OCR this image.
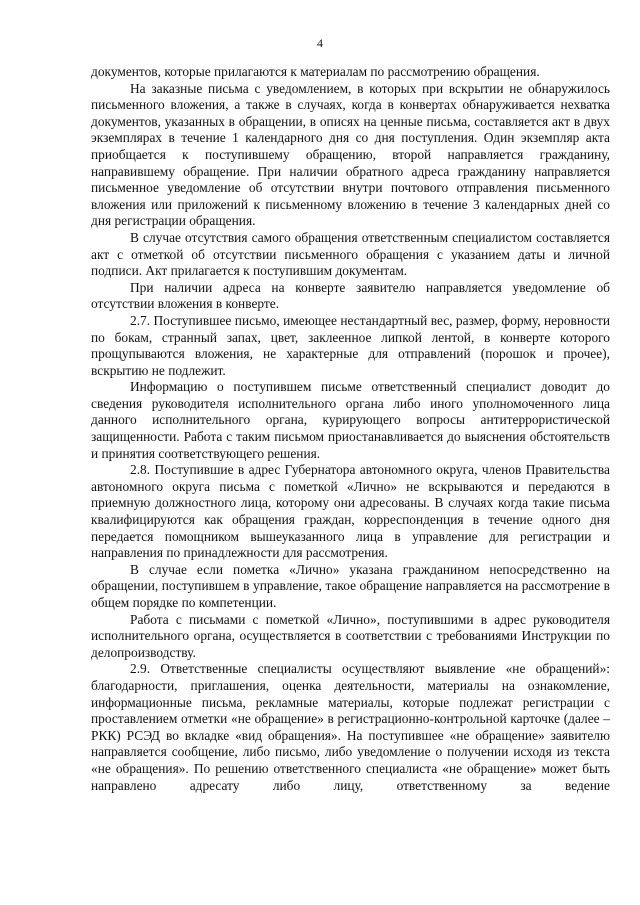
4

документов, которые прилагаются к материалам по рассмотрению обращения.

На заказные письма с уведомлением, в которых при вскрытии не обнаружилось письменного вложения, а также в случаях, когда в конвертах обнаруживается нехватка документов, указанных в обращении, в описях на ценные письма, составляется акт в двух экземплярах в течение 1 календарного дня со дня поступления. Один экземпляр акта приобщается к поступившему обращению, второй направляется гражданину, направившему обращение. При наличии обратного адреса гражданину направляется письменное уведомление об отсутствии внутри почтового отправления письменного вложения или приложений к письменному вложению в течение 3 календарных дней со дня регистрации обращения.

В случае отсутствия самого обращения ответственным специалистом составляется акт с отметкой об отсутствии письменного обращения с указанием даты и личной подписи. Акт прилагается к поступившим документам.

При наличии адреса на конверте заявителю направляется уведомление об отсутствии вложения в конверте.

2.7. Поступившее письмо, имеющее нестандартный вес, размер, форму, неровности по бокам, странный запах, цвет, заклеенное липкой лентой, в конверте которого прощупываются вложения, не характерные для отправлений (порошок и прочее), вскрытию не подлежит.

Информацию о поступившем письме ответственный специалист доводит до сведения руководителя исполнительного органа либо иного уполномоченного лица данного исполнительного органа, курирующего вопросы антитеррористической защищенности. Работа с таким письмом приостанавливается до выяснения обстоятельств и принятия соответствующего решения.

2.8. Поступившие в адрес Губернатора автономного округа, членов Правительства автономного округа письма с пометкой «Лично» не вскрываются и передаются в приемную должностного лица, которому они адресованы. В случаях когда такие письма квалифицируются как обращения граждан, корреспонденция в течение одного дня передается помощником вышеуказанного лица в управление для регистрации и направления по принадлежности для рассмотрения.

В случае если пометка «Лично» указана гражданином непосредственно на обращении, поступившем в управление, такое обращение направляется на рассмотрение в общем порядке по компетенции.

Работа с письмами с пометкой «Лично», поступившими в адрес руководителя исполнительного органа, осуществляется в соответствии с требованиями Инструкции по делопроизводству.

2.9. Ответственные специалисты осуществляют выявление «не обращений»: благодарности, приглашения, оценка деятельности, материалы на ознакомление, информационные письма, рекламные материалы, которые подлежат регистрации с проставлением отметки «не обращение» в регистрационно-контрольной карточке (далее – РКК) РСЭД во вкладке «вид обращения». На поступившее «не обращение» заявителю направляется сообщение, либо письмо, либо уведомление о получении исходя из текста «не обращения». По решению ответственного специалиста «не обращение» может быть направлено адресату либо лицу, ответственному за ведение
